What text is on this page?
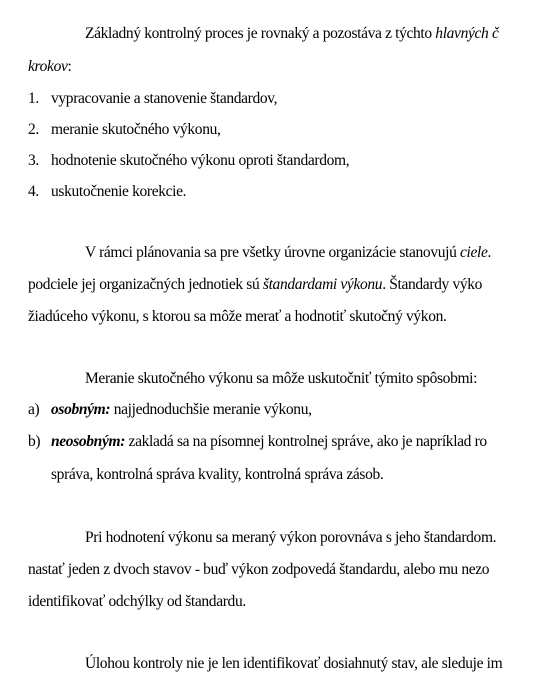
Základný kontrolný proces je rovnaký a pozostáva z týchto hlavných č
krokov:
1. vypracovanie a stanovenie štandardov,
2. meranie skutočného výkonu,
3. hodnotenie skutočného výkonu oproti štandardom,
4. uskutočnenie korekcie.
V rámci plánovania sa pre všetky úrovne organizácie stanovujú ciele.
podciele jej organizačných jednotiek sú štandardami výkonu. Štandardy výko
žiadúceho výkonu, s ktorou sa môže merať a hodnotiť skutočný výkon.
Meranie skutočného výkonu sa môže uskutočniť týmito spôsobmi:
a) osobným: najjednoduchšie meranie výkonu,
b) neosobným: zakladá sa na písomnej kontrolnej správe, ako je napríklad ro
správa, kontrolná správa kvality, kontrolná správa zásob.
Pri hodnotení výkonu sa meraný výkon porovnáva s jeho štandardom.
nastať jeden z dvoch stavov - buď výkon zodpovedá štandardu, alebo mu nezo
identifikovať odchýlky od štandardu.
Úlohou kontroly nie je len identifikovať dosiahnutý stav, ale sleduje im
